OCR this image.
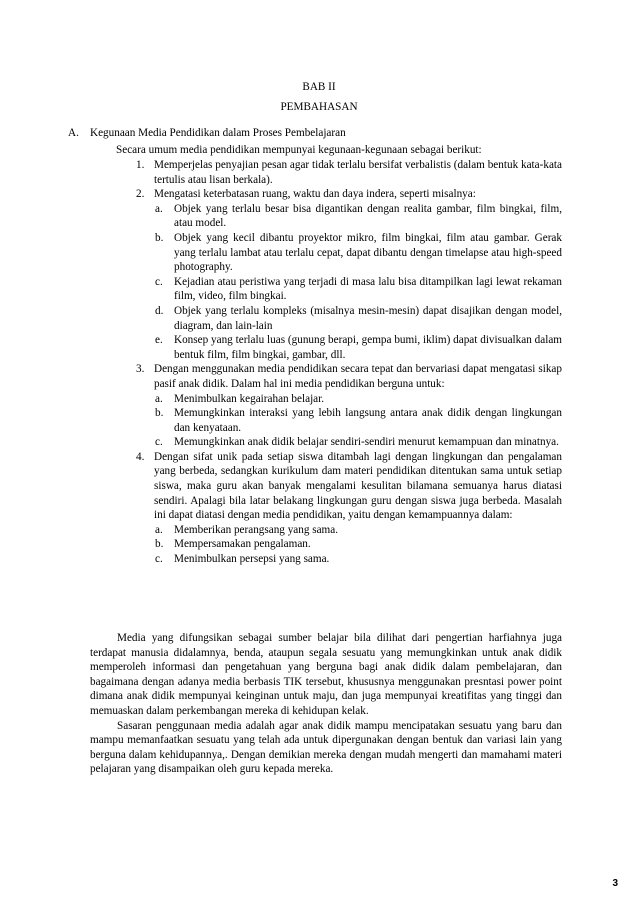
BAB II
PEMBAHASAN
A. Kegunaan Media Pendidikan dalam Proses Pembelajaran
Secara umum media pendidikan mempunyai kegunaan-kegunaan sebagai berikut:
1. Memperjelas penyajian pesan agar tidak terlalu bersifat verbalistis (dalam bentuk kata-kata tertulis atau lisan berkala).
2. Mengatasi keterbatasan ruang, waktu dan daya indera, seperti misalnya:
a. Objek yang terlalu besar bisa digantikan dengan realita gambar, film bingkai, film, atau model.
b. Objek yang kecil dibantu proyektor mikro, film bingkai, film atau gambar. Gerak yang terlalu lambat atau terlalu cepat, dapat dibantu dengan timelapse atau high-speed photography.
c. Kejadian atau peristiwa yang terjadi di masa lalu bisa ditampilkan lagi lewat rekaman film, video, film bingkai.
d. Objek yang terlalu kompleks (misalnya mesin-mesin) dapat disajikan dengan model, diagram, dan lain-lain
e. Konsep yang terlalu luas (gunung berapi, gempa bumi, iklim) dapat divisualkan dalam bentuk film, film bingkai, gambar, dll.
3. Dengan menggunakan media pendidikan secara tepat dan bervariasi dapat mengatasi sikap pasif anak didik. Dalam hal ini media pendidikan berguna untuk:
a. Menimbulkan kegairahan belajar.
b. Memungkinkan interaksi yang lebih langsung antara anak didik dengan lingkungan dan kenyataan.
c. Memungkinkan anak didik belajar sendiri-sendiri menurut kemampuan dan minatnya.
4. Dengan sifat unik pada setiap siswa ditambah lagi dengan lingkungan dan pengalaman yang berbeda, sedangkan kurikulum dam materi pendidikan ditentukan sama untuk setiap siswa, maka guru akan banyak mengalami kesulitan bilamana semuanya harus diatasi sendiri. Apalagi bila latar belakang lingkungan guru dengan siswa juga berbeda. Masalah ini dapat diatasi dengan media pendidikan, yaitu dengan kemampuannya dalam:
a. Memberikan perangsang yang sama.
b. Mempersamakan pengalaman.
c. Menimbulkan persepsi yang sama.
Media yang difungsikan sebagai sumber belajar bila dilihat dari pengertian harfiahnya juga terdapat manusia didalamnya, benda, ataupun segala sesuatu yang memungkinkan untuk anak didik memperoleh informasi dan pengetahuan yang berguna bagi anak didik dalam pembelajaran, dan bagaimana dengan adanya media berbasis TIK tersebut, khususnya menggunakan presntasi power point dimana anak didik mempunyai keinginan untuk maju, dan juga mempunyai kreatifitas yang tinggi dan memuaskan dalam perkembangan mereka di kehidupan kelak.
Sasaran penggunaan media adalah agar anak didik mampu mencipatakan sesuatu yang baru dan mampu memanfaatkan sesuatu yang telah ada untuk dipergunakan dengan bentuk dan variasi lain yang berguna dalam kehidupannya,. Dengan demikian mereka dengan mudah mengerti dan mamahami materi pelajaran yang disampaikan oleh guru kepada mereka.
3
